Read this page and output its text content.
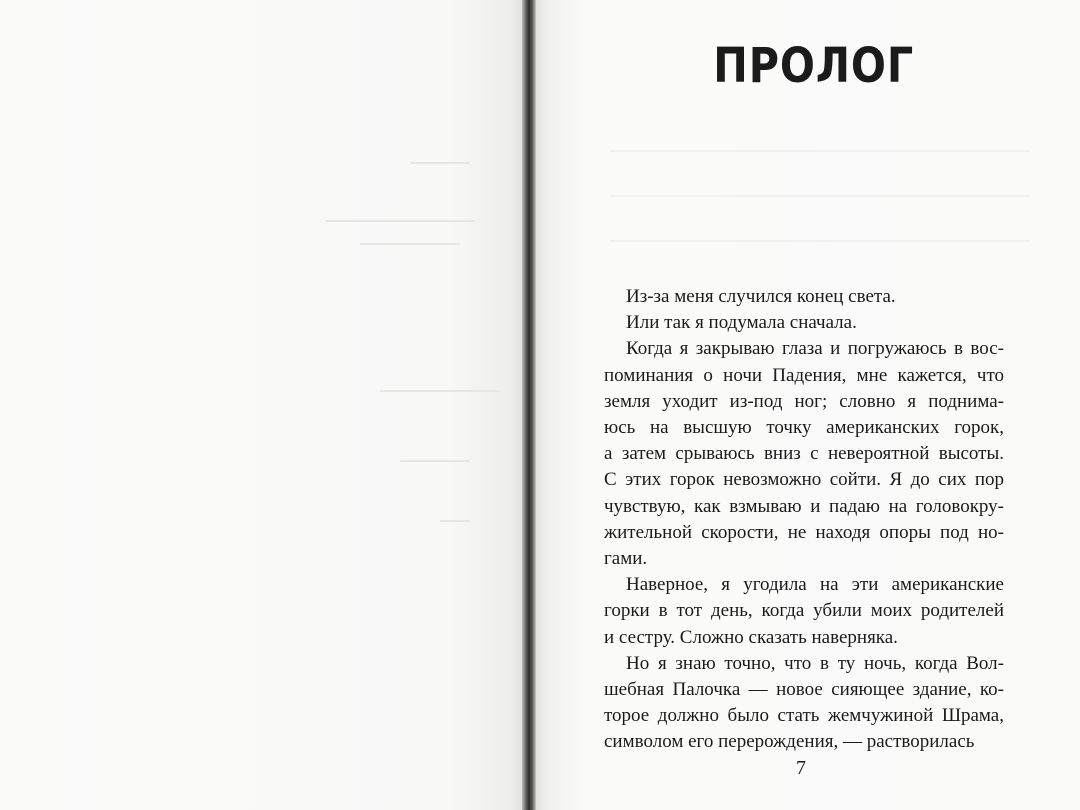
ПРОЛОГ
Из-за меня случился конец света.
Или так я подумала сначала.
Когда я закрываю глаза и погружаюсь в вос-
поминания о ночи Падения, мне кажется, что
земля уходит из-под ног; словно я поднима-
юсь на высшую точку американских горок,
а затем срываюсь вниз с невероятной высоты.
С этих горок невозможно сойти. Я до сих пор
чувствую, как взмываю и падаю на головокру-
жительной скорости, не находя опоры под но-
гами.
Наверное, я угодила на эти американские
горки в тот день, когда убили моих родителей
и сестру. Сложно сказать наверняка.
Но я знаю точно, что в ту ночь, когда Вол-
шебная Палочка — новое сияющее здание, ко-
торое должно было стать жемчужиной Шрама,
символом его перерождения, — растворилась
7
